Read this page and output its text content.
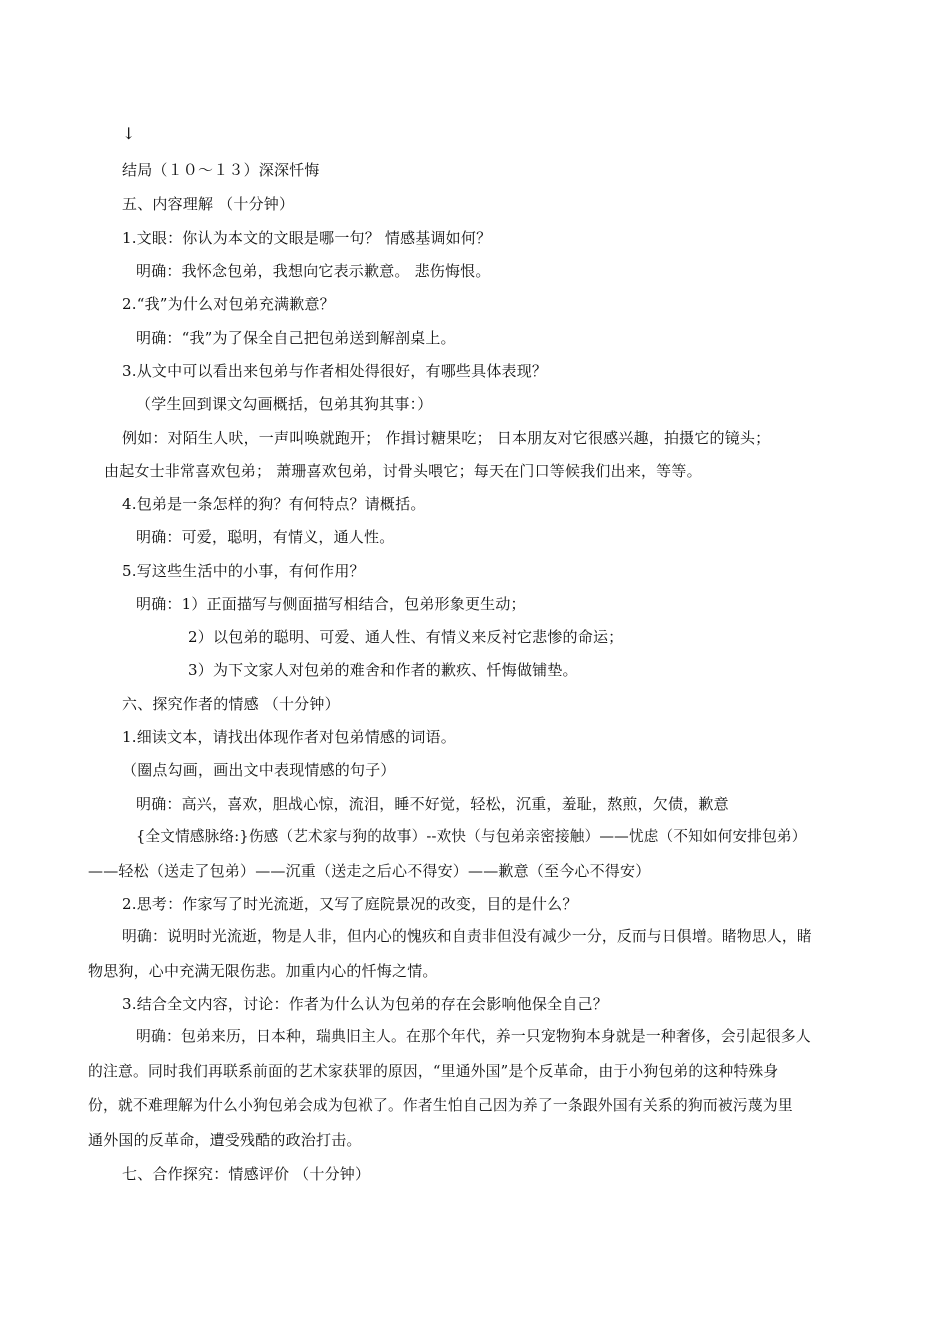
↓
结局（１０～１３）深深忏悔
五、内容理解 （十分钟）
1.文眼：你认为本文的文眼是哪一句？ 情感基调如何？
明确：我怀念包弟，我想向它表示歉意。 悲伤悔恨。
2.“我”为什么对包弟充满歉意？
明确：“我”为了保全自己把包弟送到解剖桌上。
3.从文中可以看出来包弟与作者相处得很好，有哪些具体表现？
（学生回到课文勾画概括，包弟其狗其事：）
例如：对陌生人吠，一声叫唤就跑开； 作揖讨糖果吃； 日本朋友对它很感兴趣，拍摄它的镜头；
由起女士非常喜欢包弟； 萧珊喜欢包弟，讨骨头喂它；每天在门口等候我们出来，等等。
4.包弟是一条怎样的狗？有何特点？请概括。
明确：可爱，聪明，有情义，通人性。
5.写这些生活中的小事，有何作用？
明确：1）正面描写与侧面描写相结合，包弟形象更生动；
2）以包弟的聪明、可爱、通人性、有情义来反衬它悲惨的命运；
3）为下文家人对包弟的难舍和作者的歉疚、忏悔做铺垫。
六、探究作者的情感 （十分钟）
1.细读文本，请找出体现作者对包弟情感的词语。
（圈点勾画，画出文中表现情感的句子）
明确：高兴，喜欢，胆战心惊，流泪，睡不好觉，轻松，沉重，羞耻，熬煎，欠债，歉意
{全文情感脉络:}伤感（艺术家与狗的故事）--欢快（与包弟亲密接触）——忧虑（不知如何安排包弟）
——轻松（送走了包弟）——沉重（送走之后心不得安）——歉意（至今心不得安）
2.思考：作家写了时光流逝，又写了庭院景况的改变，目的是什么？
明确：说明时光流逝，物是人非，但内心的愧疚和自责非但没有减少一分，反而与日俱增。睹物思人，睹
物思狗，心中充满无限伤悲。加重内心的忏悔之情。
3.结合全文内容，讨论：作者为什么认为包弟的存在会影响他保全自己？
明确：包弟来历，日本种，瑞典旧主人。在那个年代，养一只宠物狗本身就是一种奢侈，会引起很多人
的注意。同时我们再联系前面的艺术家获罪的原因，“里通外国”是个反革命，由于小狗包弟的这种特殊身
份，就不难理解为什么小狗包弟会成为包袱了。作者生怕自己因为养了一条跟外国有关系的狗而被污蔑为里
通外国的反革命，遭受残酷的政治打击。
七、合作探究：情感评价 （十分钟）
